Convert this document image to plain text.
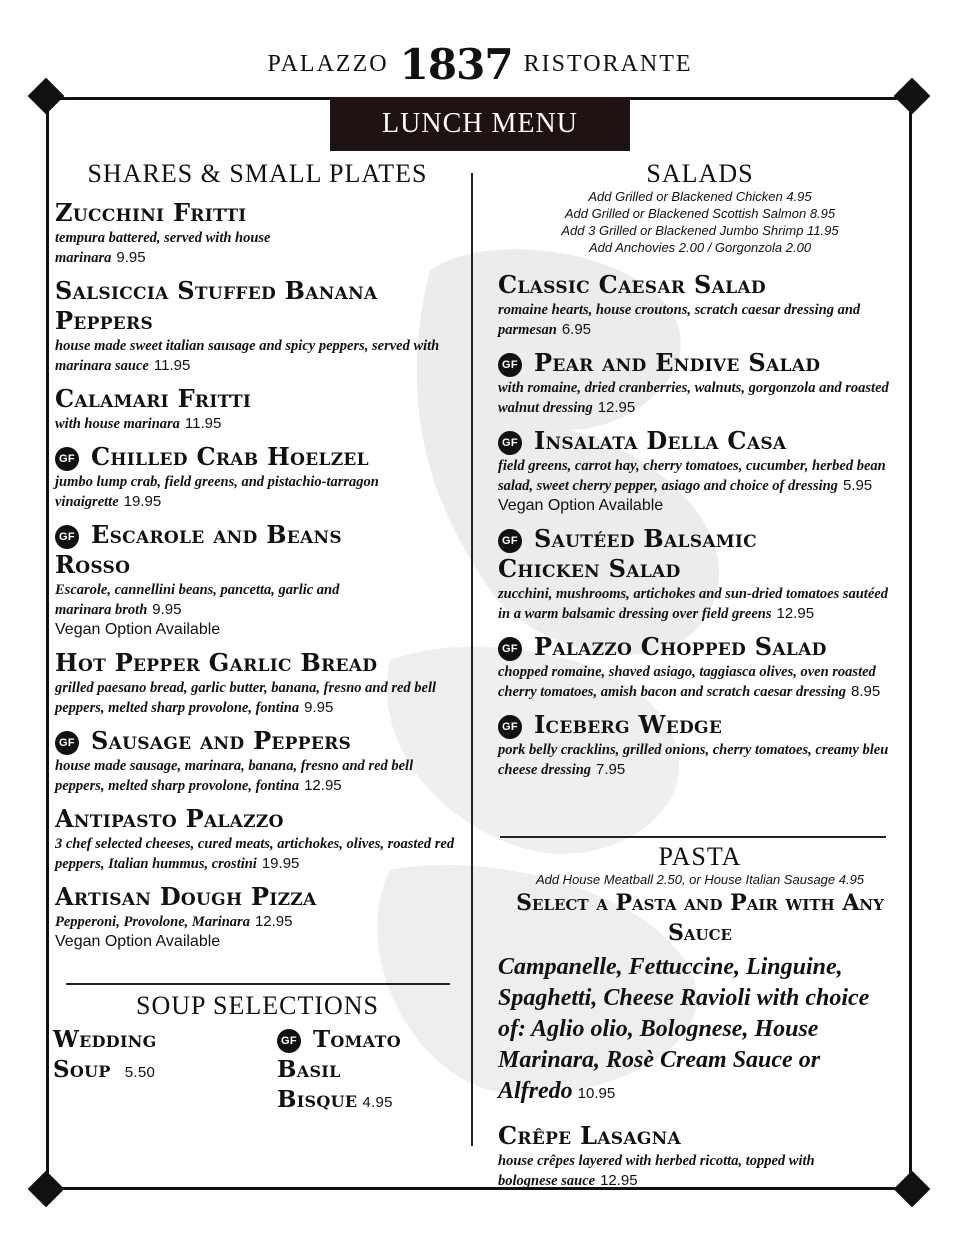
PALAZZO 1837 RISTORANTE
LUNCH MENU
SHARES & SMALL PLATES
Zucchini Fritti
tempura battered, served with house marinara 9.95
Salsiccia Stuffed Banana Peppers
house made sweet italian sausage and spicy peppers, served with marinara sauce 11.95
Calamari Fritti
with house marinara 11.95
GF Chilled Crab Hoelzel
jumbo lump crab, field greens, and pistachio-tarragon vinaigrette 19.95
GF Escarole and Beans Rosso
Escarole, cannellini beans, pancetta, garlic and marinara broth 9.95
Vegan Option Available
Hot Pepper Garlic Bread
grilled paesano bread, garlic butter, banana, fresno and red bell peppers, melted sharp provolone, fontina 9.95
GF Sausage and Peppers
house made sausage, marinara, banana, fresno and red bell peppers, melted sharp provolone, fontina 12.95
Antipasto Palazzo
3 chef selected cheeses, cured meats, artichokes, olives, roasted red peppers, Italian hummus, crostini 19.95
Artisan Dough Pizza
Pepperoni, Provolone, Marinara 12.95
Vegan Option Available
SOUP SELECTIONS
Wedding
Soup 5.50
GF Tomato
Basil
Bisque 4.95
SALADS
Add Grilled or Blackened Chicken 4.95
Add Grilled or Blackened Scottish Salmon 8.95
Add 3 Grilled or Blackened Jumbo Shrimp 11.95
Add Anchovies 2.00 / Gorgonzola 2.00
Classic Caesar Salad
romaine hearts, house croutons, scratch caesar dressing and parmesan 6.95
GF Pear and Endive Salad
with romaine, dried cranberries, walnuts, gorgonzola and roasted walnut dressing 12.95
GF Insalata Della Casa
field greens, carrot hay, cherry tomatoes, cucumber, herbed bean salad, sweet cherry pepper, asiago and choice of dressing 5.95
Vegan Option Available
GF Sautéed Balsamic Chicken Salad
zucchini, mushrooms, artichokes and sun-dried tomatoes sautéed in a warm balsamic dressing over field greens 12.95
GF Palazzo Chopped Salad
chopped romaine, shaved asiago, taggiasca olives, oven roasted cherry tomatoes, amish bacon and scratch caesar dressing 8.95
GF Iceberg Wedge
pork belly cracklins, grilled onions, cherry tomatoes, creamy bleu cheese dressing 7.95
PASTA
Add House Meatball 2.50, or House Italian Sausage 4.95
Select a Pasta and Pair with Any Sauce
Campanelle, Fettuccine, Linguine, Spaghetti, Cheese Ravioli with choice of: Aglio olio, Bolognese, House Marinara, Rosè Cream Sauce or Alfredo 10.95
Crêpe Lasagna
house crêpes layered with herbed ricotta, topped with bolognese sauce 12.95
